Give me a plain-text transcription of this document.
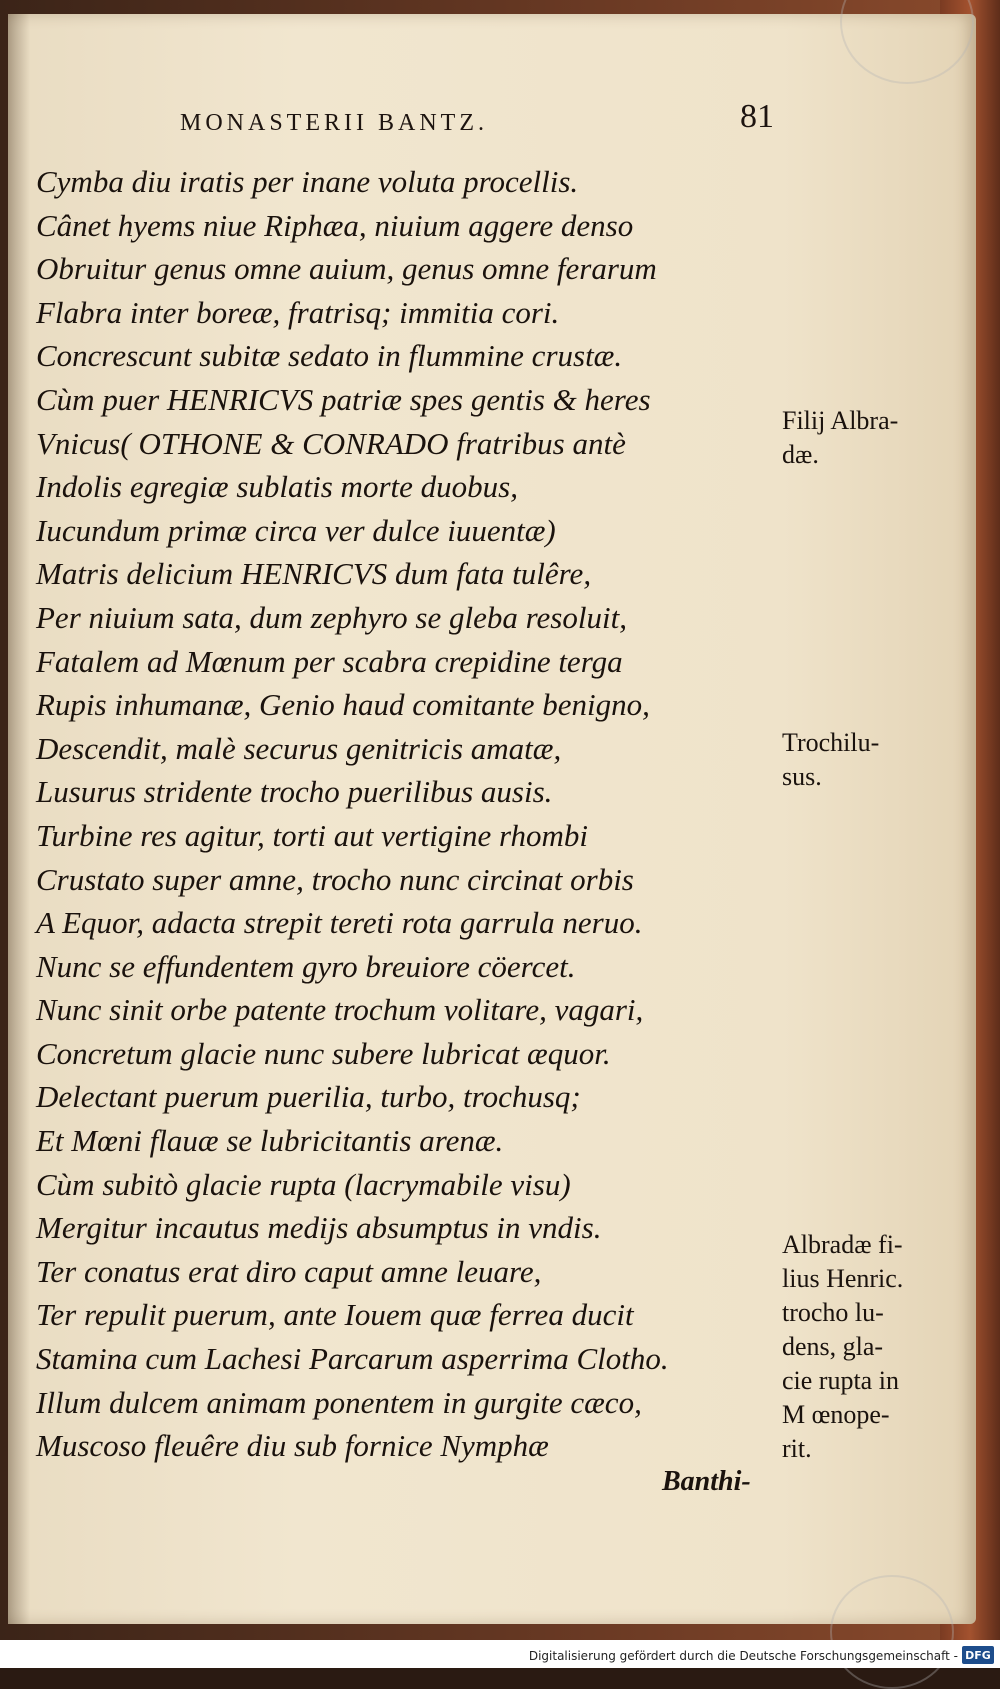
MONASTERII BANTZ.	81
Cymba diu iratis per inane voluta procellis.
Cânet hyems niue Riphæa, niuium aggere denso
Obruitur genus omne auium, genus omne ferarum
Flabra inter boreæ, fratrisq; immitia cori.
Concrescunt subitæ sedato in flummine crustæ.
Cùm puer HENRICVS patriæ spes gentis & heres
Vnicus( OTHONE & CONRADO fratribus antè
Indolis egregiæ sublatis morte duobus,
Iucundum primæ circa ver dulce iuuentæ)
Matris delicium HENRICVS dum fata tulêre,
Per niuium sata, dum zephyro se gleba resoluit,
Fatalem ad Mœnum per scabra crepidine terga
Rupis inhumanæ, Genio haud comitante benigno,
Descendit, malè securus genitricis amatæ,
Lusurus stridente trocho puerilibus ausis.
Turbine res agitur, torti aut vertigine rhombi
Crustato super amne, trocho nunc circinat orbis
A Equor, adacta strepit tereti rota garrula neruo.
Nunc se effundentem gyro breuiore cöercet.
Nunc sinit orbe patente trochum volitare, vagari,
Concretum glacie nunc subere lubricat æquor.
Delectant puerum puerilia, turbo, trochusq;
Et Mœni flauæ se lubricitantis arenæ.
Cùm subitò glacie rupta (lacrymabile visu)
Mergitur incautus medijs absumptus in vndis.
Ter conatus erat diro caput amne leuare,
Ter repulit puerum, ante Iouem quæ ferrea ducit
Stamina cum Lachesi Parcarum asperrima Clotho.
Illum dulcem animam ponentem in gurgite cæco,
Muscoso fleuêre diu sub fornice Nymphæ
Filij Albra-
dæ.
Trochilu-
sus.
Albradæ fi-
lius Henric.
trocho lu-
dens, gla-
cie rupta in
M œnope-
rit.
Banthi-
Digitalisierung gefördert durch die Deutsche Forschungsgemeinschaft - DFG
